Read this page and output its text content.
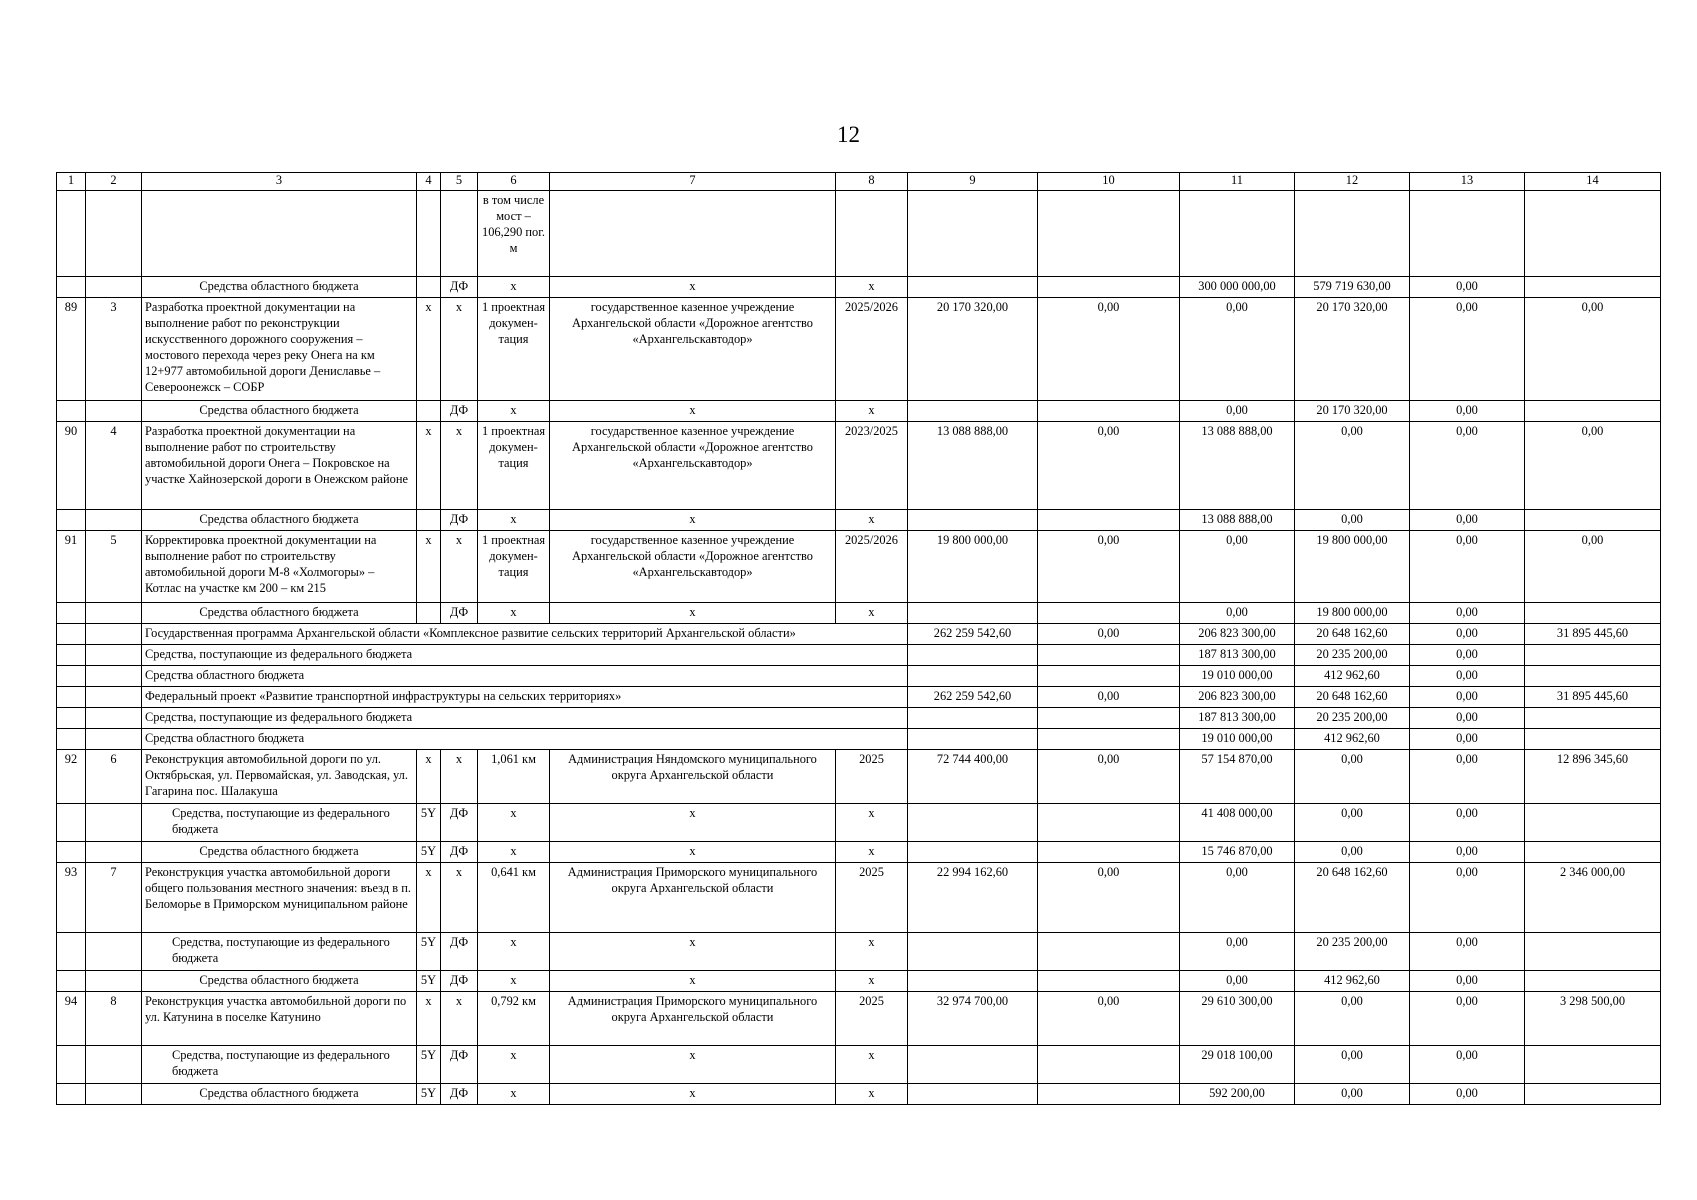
12
1	2	3	4	5	6	7	8	9	10	11	12	13	14
					в том числе мост – 106,290 пог. м								
		Средства областного бюджета		ДФ	х	х	х			300 000 000,00	579 719 630,00	0,00	
89	3	Разработка проектной документации на выполнение работ по реконструкции искусственного дорожного сооружения – мостового перехода через реку Онега на км 12+977 автомобильной дороги Дениславье – Североонежск – СОБР	х	х	1 проектная докумен-тация	государственное казенное учреждение Архангельской области «Дорожное агентство «Архангельскавтодор»	2025/2026	20 170 320,00	0,00	0,00	20 170 320,00	0,00	0,00
		Средства областного бюджета		ДФ	х	х	х			0,00	20 170 320,00	0,00	
90	4	Разработка проектной документации на выполнение работ по строительству автомобильной дороги Онега – Покровское на участке Хайнозерской дороги в Онежском районе	х	х	1 проектная докумен-тация	государственное казенное учреждение Архангельской области «Дорожное агентство «Архангельскавтодор»	2023/2025	13 088 888,00	0,00	13 088 888,00	0,00	0,00	0,00
		Средства областного бюджета		ДФ	х	х	х			13 088 888,00	0,00	0,00	
91	5	Корректировка проектной документации на выполнение работ по строительству автомобильной дороги М-8 «Холмогоры» – Котлас на участке км 200 – км 215	х	х	1 проектная докумен-тация	государственное казенное учреждение Архангельской области «Дорожное агентство «Архангельскавтодор»	2025/2026	19 800 000,00	0,00	0,00	19 800 000,00	0,00	0,00
		Средства областного бюджета		ДФ	х	х	х			0,00	19 800 000,00	0,00	
		Государственная программа Архангельской области «Комплексное развитие сельских территорий Архангельской области»						262 259 542,60	0,00	206 823 300,00	20 648 162,60	0,00	31 895 445,60
		Средства, поступающие из федерального бюджета								187 813 300,00	20 235 200,00	0,00	
		Средства областного бюджета								19 010 000,00	412 962,60	0,00	
		Федеральный проект «Развитие транспортной инфраструктуры на сельских территориях»						262 259 542,60	0,00	206 823 300,00	20 648 162,60	0,00	31 895 445,60
		Средства, поступающие из федерального бюджета								187 813 300,00	20 235 200,00	0,00	
		Средства областного бюджета								19 010 000,00	412 962,60	0,00	
92	6	Реконструкция автомобильной дороги по ул. Октябрьская, ул. Первомайская, ул. Заводская, ул. Гагарина пос. Шалакуша	х	х	1,061 км	Администрация Няндомского муниципального округа Архангельской области	2025	72 744 400,00	0,00	57 154 870,00	0,00	0,00	12 896 345,60
		Средства, поступающие из федерального бюджета	5Y	ДФ	х	х	х			41 408 000,00	0,00	0,00	
		Средства областного бюджета	5Y	ДФ	х	х	х			15 746 870,00	0,00	0,00	
93	7	Реконструкция участка автомобильной дороги общего пользования местного значения: въезд в п. Беломорье в Приморском муниципальном районе	х	х	0,641 км	Администрация Приморского муниципального округа Архангельской области	2025	22 994 162,60	0,00	0,00	20 648 162,60	0,00	2 346 000,00
		Средства, поступающие из федерального бюджета	5Y	ДФ	х	х	х			0,00	20 235 200,00	0,00	
		Средства областного бюджета	5Y	ДФ	х	х	х			0,00	412 962,60	0,00	
94	8	Реконструкция участка автомобильной дороги по ул. Катунина в поселке Катунино	х	х	0,792 км	Администрация Приморского муниципального округа Архангельской области	2025	32 974 700,00	0,00	29 610 300,00	0,00	0,00	3 298 500,00
		Средства, поступающие из федерального бюджета	5Y	ДФ	х	х	х			29 018 100,00	0,00	0,00	
		Средства областного бюджета	5Y	ДФ	х	х	х			592 200,00	0,00	0,00	
